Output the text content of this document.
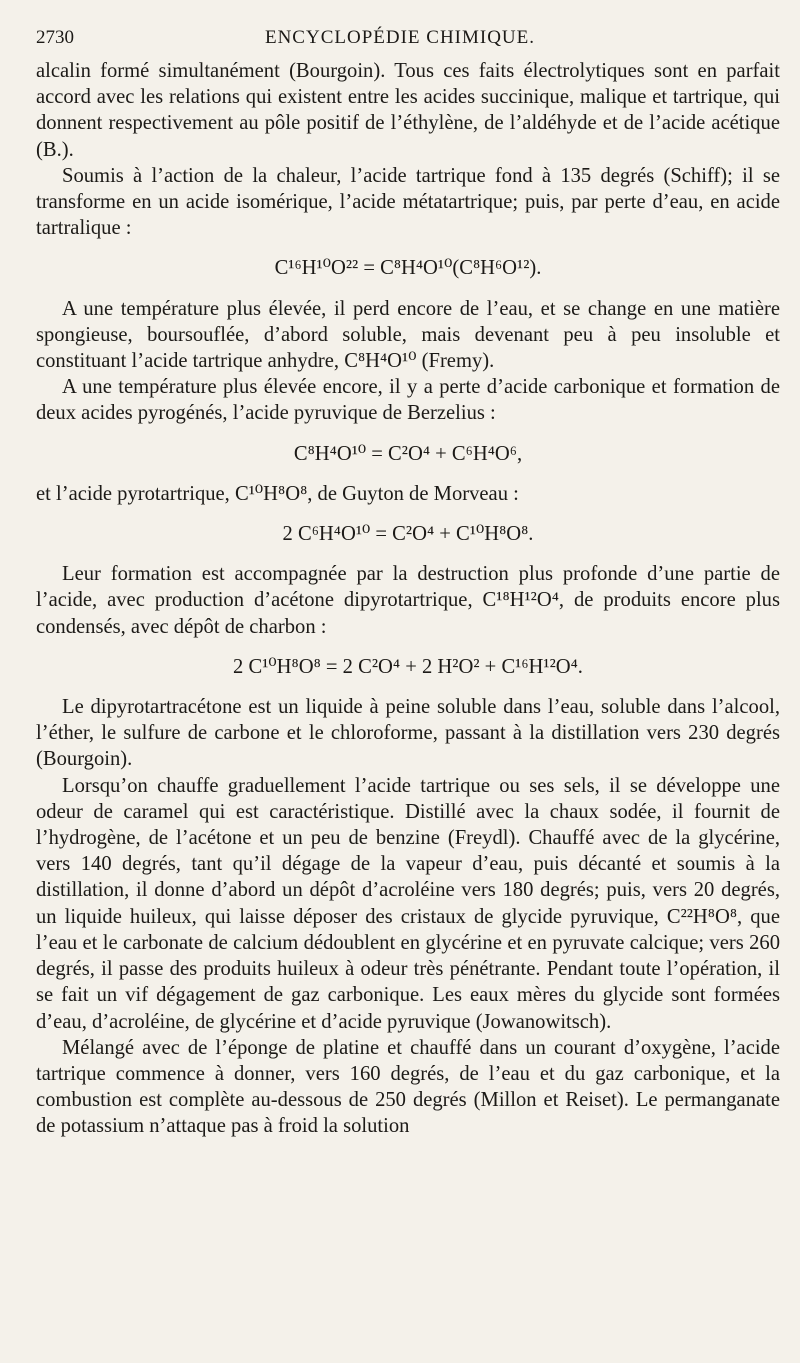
2730	ENCYCLOPÉDIE CHIMIQUE.

alcalin formé simultanément (Bourgoin). Tous ces faits électrolytiques sont en parfait accord avec les relations qui existent entre les acides succinique, malique et tartrique, qui donnent respectivement au pôle positif de l’éthylène, de l’aldéhyde et de l’acide acétique (B.).

Soumis à l’action de la chaleur, l’acide tartrique fond à 135 degrés (Schiff); il se transforme en un acide isomérique, l’acide métatartrique; puis, par perte d’eau, en acide tartralique :

C¹⁶H¹⁰O²² = C⁸H⁴O¹⁰(C⁸H⁶O¹²).

A une température plus élevée, il perd encore de l’eau, et se change en une matière spongieuse, boursouflée, d’abord soluble, mais devenant peu à peu insoluble et constituant l’acide tartrique anhydre, C⁸H⁴O¹⁰ (Fremy).

A une température plus élevée encore, il y a perte d’acide carbonique et formation de deux acides pyrogénés, l’acide pyruvique de Berzelius :

C⁸H⁴O¹⁰ = C²O⁴ + C⁶H⁴O⁶,

et l’acide pyrotartrique, C¹⁰H⁸O⁸, de Guyton de Morveau :

2 C⁶H⁴O¹⁰ = C²O⁴ + C¹⁰H⁸O⁸.

Leur formation est accompagnée par la destruction plus profonde d’une partie de l’acide, avec production d’acétone dipyrotartrique, C¹⁸H¹²O⁴, de produits encore plus condensés, avec dépôt de charbon :

2 C¹⁰H⁸O⁸ = 2 C²O⁴ + 2 H²O² + C¹⁶H¹²O⁴.

Le dipyrotartracétone est un liquide à peine soluble dans l’eau, soluble dans l’alcool, l’éther, le sulfure de carbone et le chloroforme, passant à la distillation vers 230 degrés (Bourgoin).

Lorsqu’on chauffe graduellement l’acide tartrique ou ses sels, il se développe une odeur de caramel qui est caractéristique. Distillé avec la chaux sodée, il fournit de l’hydrogène, de l’acétone et un peu de benzine (Freydl). Chauffé avec de la glycérine, vers 140 degrés, tant qu’il dégage de la vapeur d’eau, puis décanté et soumis à la distillation, il donne d’abord un dépôt d’acroléine vers 180 degrés; puis, vers 20 degrés, un liquide huileux, qui laisse déposer des cristaux de glycide pyruvique, C²²H⁸O⁸, que l’eau et le carbonate de calcium dédoublent en glycérine et en pyruvate calcique; vers 260 degrés, il passe des produits huileux à odeur très pénétrante. Pendant toute l’opération, il se fait un vif dégagement de gaz carbonique. Les eaux mères du glycide sont formées d’eau, d’acroléine, de glycérine et d’acide pyruvique (Jowanowitsch).

Mélangé avec de l’éponge de platine et chauffé dans un courant d’oxygène, l’acide tartrique commence à donner, vers 160 degrés, de l’eau et du gaz carbonique, et la combustion est complète au-dessous de 250 degrés (Millon et Reiset). Le permanganate de potassium n’attaque pas à froid la solution
